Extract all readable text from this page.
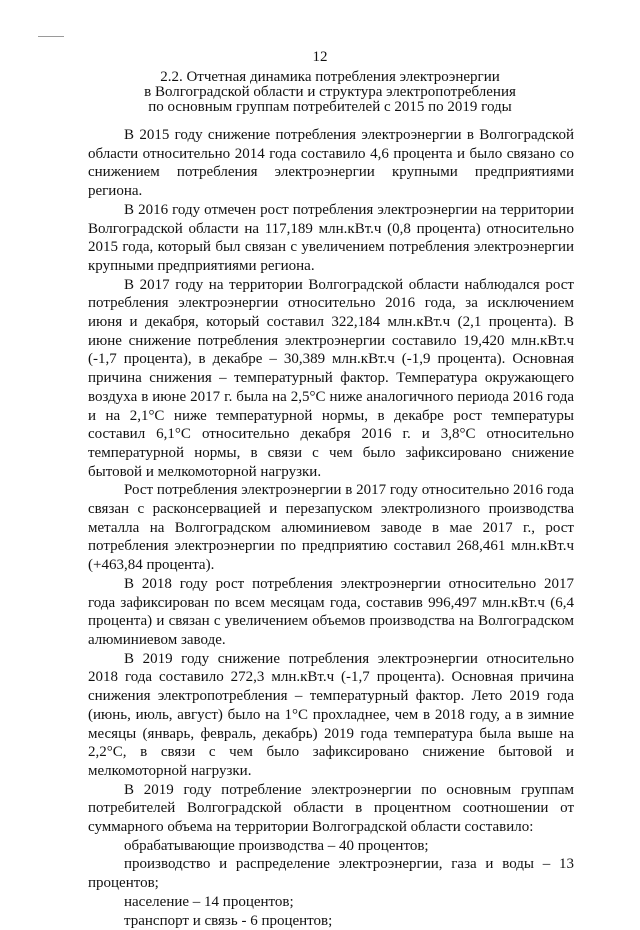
12
2.2. Отчетная динамика потребления электроэнергии
в Волгоградской области и структура электропотребления
по основным группам потребителей с 2015 по 2019 годы

В 2015 году снижение потребления электроэнергии в Волгоградской области относительно 2014 года составило 4,6 процента и было связано со снижением потребления электроэнергии крупными предприятиями региона.

В 2016 году отмечен рост потребления электроэнергии на территории Волгоградской области на 117,189 млн.кВт.ч (0,8 процента) относительно 2015 года, который был связан с увеличением потребления электроэнергии крупными предприятиями региона.

В 2017 году на территории Волгоградской области наблюдался рост потребления электроэнергии относительно 2016 года, за исключением июня и декабря, который составил 322,184 млн.кВт.ч (2,1 процента). В июне снижение потребления электроэнергии составило 19,420 млн.кВт.ч (-1,7 процента), в декабре – 30,389 млн.кВт.ч (-1,9 процента). Основная причина снижения – температурный фактор. Температура окружающего воздуха в июне 2017 г. была на 2,5°С ниже аналогичного периода 2016 года и на 2,1°С ниже температурной нормы, в декабре рост температуры составил 6,1°С относительно декабря 2016 г. и 3,8°С относительно температурной нормы, в связи с чем было зафиксировано снижение бытовой и мелкомоторной нагрузки.

Рост потребления электроэнергии в 2017 году относительно 2016 года связан с расконсервацией и перезапуском электролизного производства металла на Волгоградском алюминиевом заводе в мае 2017 г., рост потребления электроэнергии по предприятию составил 268,461 млн.кВт.ч (+463,84 процента).

В 2018 году рост потребления электроэнергии относительно 2017 года зафиксирован по всем месяцам года, составив 996,497 млн.кВт.ч (6,4 процента) и связан с увеличением объемов производства на Волгоградском алюминиевом заводе.

В 2019 году снижение потребления электроэнергии относительно 2018 года составило 272,3 млн.кВт.ч (-1,7 процента). Основная причина снижения электропотребления – температурный фактор. Лето 2019 года (июнь, июль, август) было на 1°С прохладнее, чем в 2018 году, а в зимние месяцы (январь, февраль, декабрь) 2019 года температура была выше на 2,2°С, в связи с чем было зафиксировано снижение бытовой и мелкомоторной нагрузки.

В 2019 году потребление электроэнергии по основным группам потребителей Волгоградской области в процентном соотношении от суммарного объема на территории Волгоградской области составило:

обрабатывающие производства – 40 процентов;

производство и распределение электроэнергии, газа и воды – 13 процентов;

население – 14 процентов;

транспорт и связь - 6 процентов;
